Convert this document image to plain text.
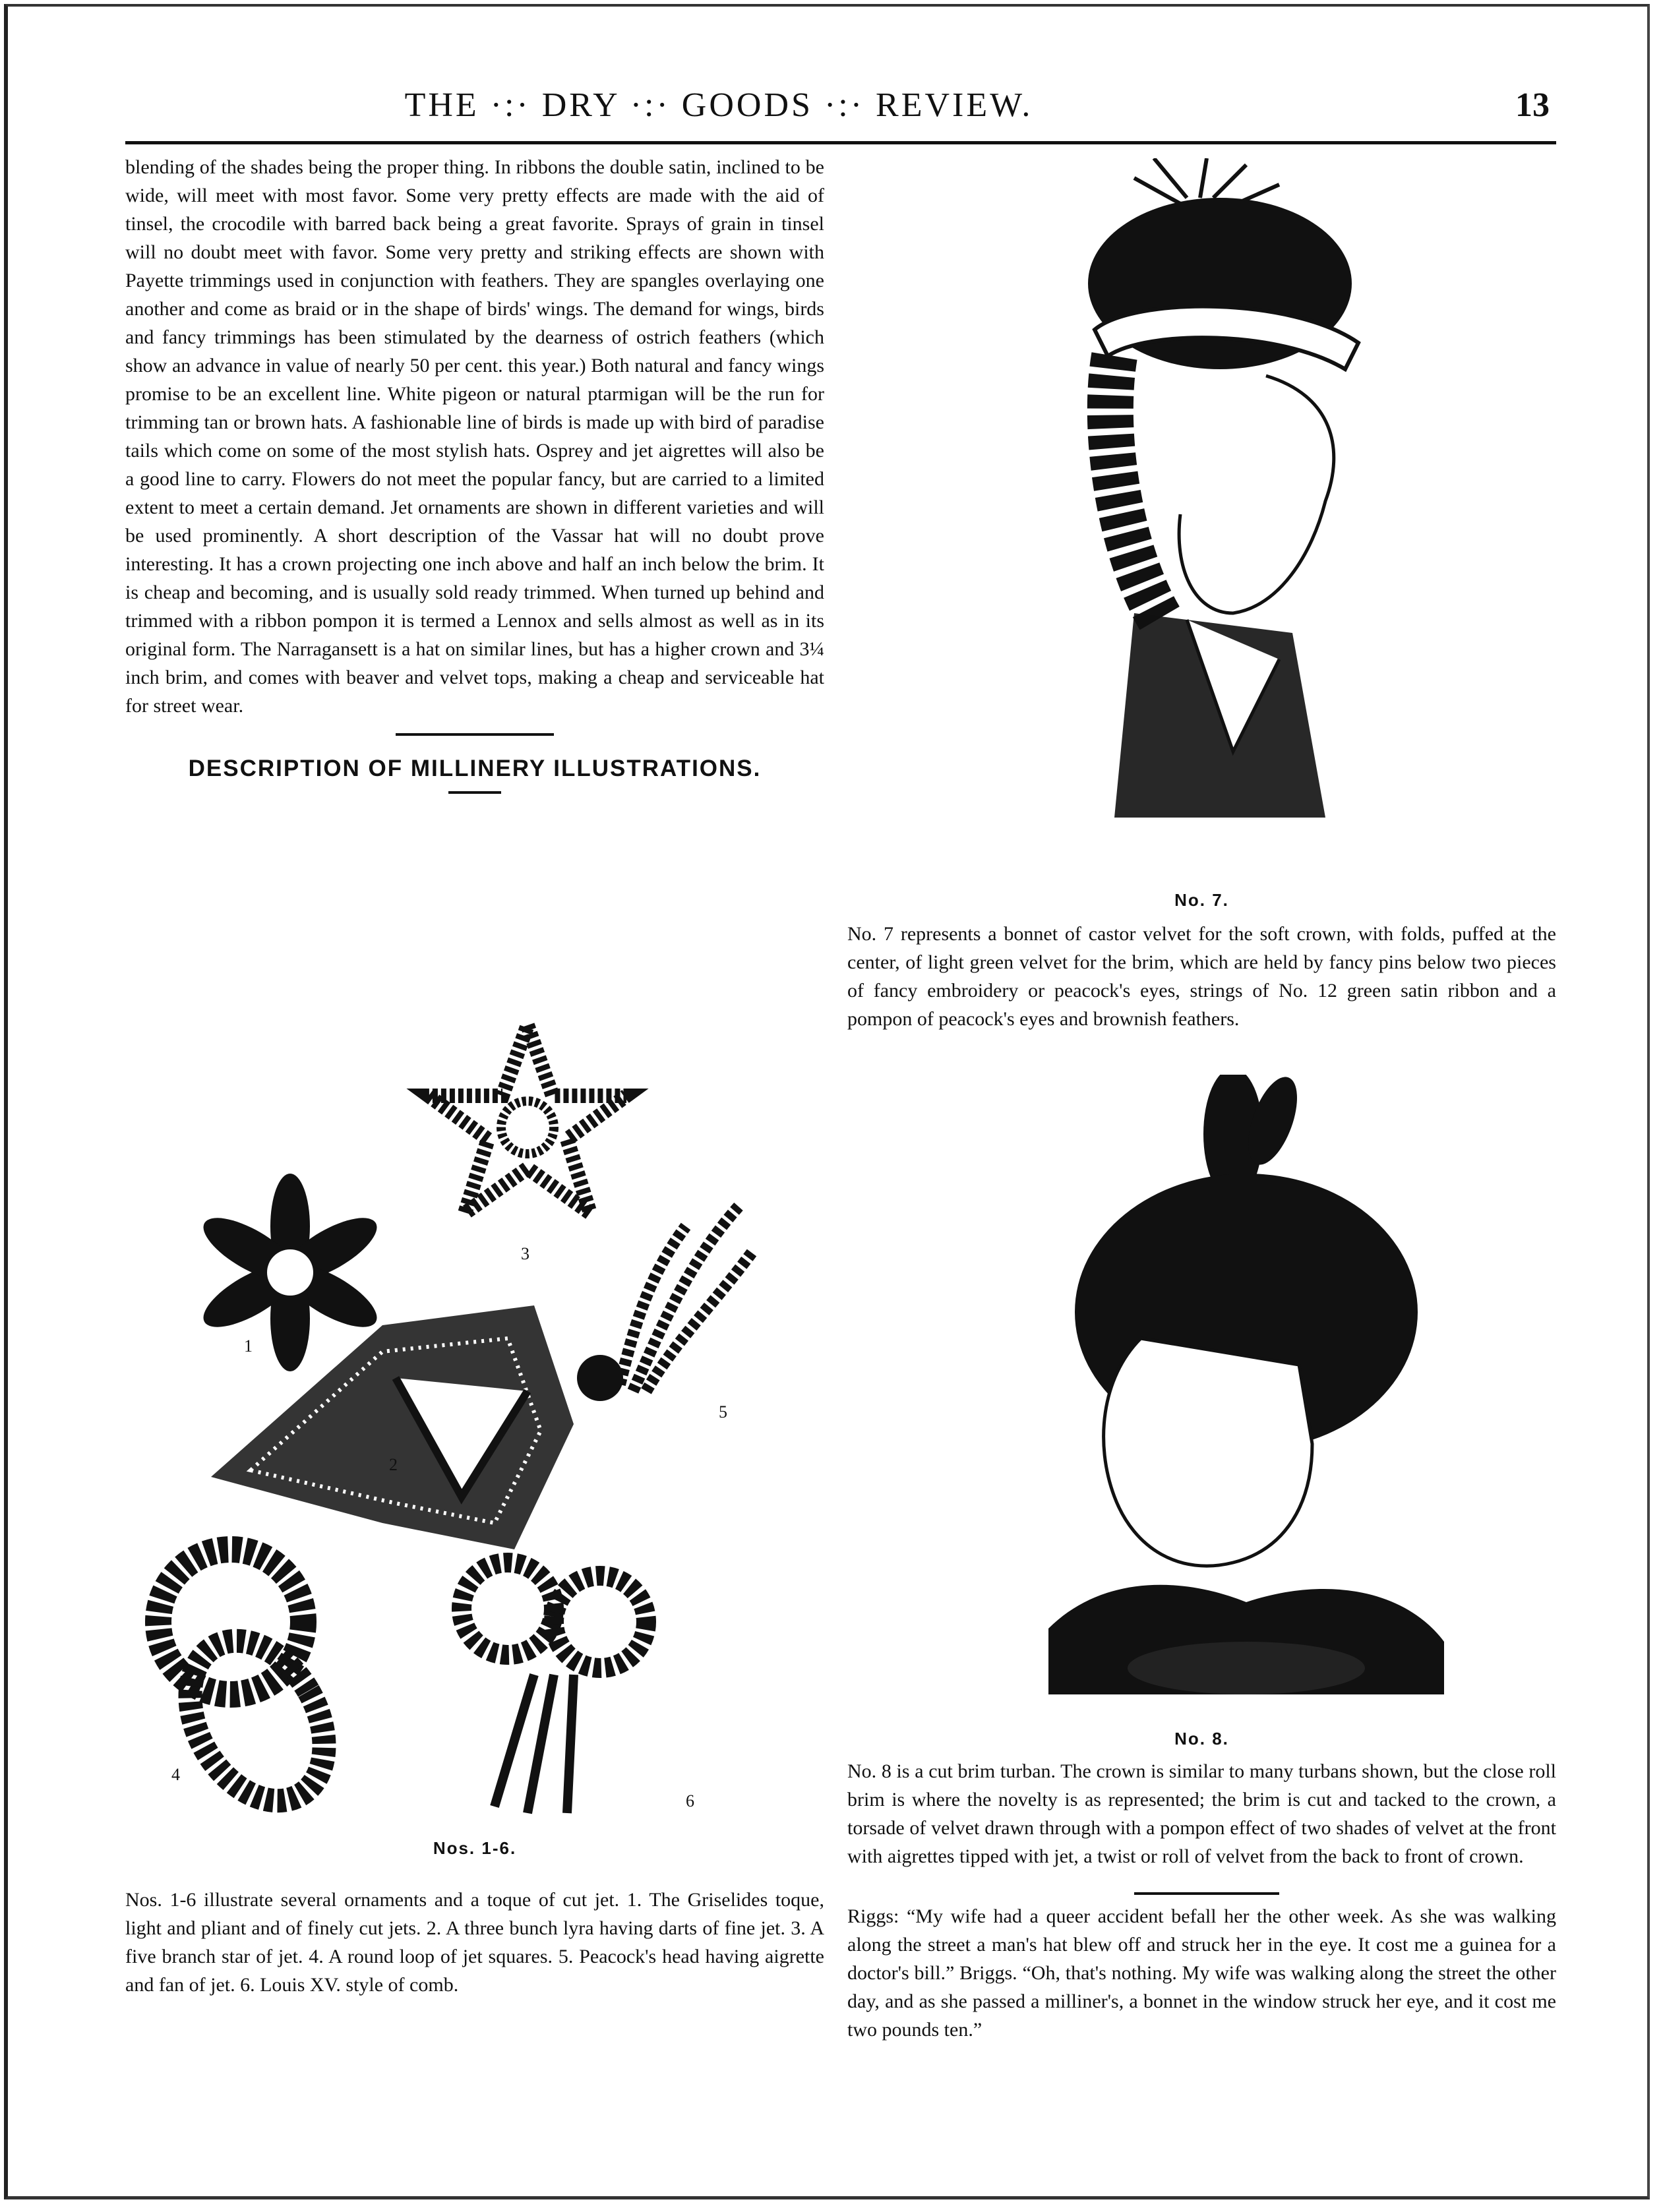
THE ·:· DRY ·:· GOODS ·:· REVIEW.	13

blending of the shades being the proper thing. In ribbons the double satin, inclined to be wide, will meet with most favor. Some very pretty effects are made with the aid of tinsel, the crocodile with barred back being a great favorite. Sprays of grain in tinsel will no doubt meet with favor. Some very pretty and striking effects are shown with Payette trimmings used in conjunction with feathers. They are spangles overlaying one another and come as braid or in the shape of birds' wings. The demand for wings, birds and fancy trimmings has been stimulated by the dearness of ostrich feathers (which show an advance in value of nearly 50 per cent. this year.) Both natural and fancy wings promise to be an excellent line. White pigeon or natural ptarmigan will be the run for trimming tan or brown hats. A fashionable line of birds is made up with bird of paradise tails which come on some of the most stylish hats. Osprey and jet aigrettes will also be a good line to carry. Flowers do not meet the popular fancy, but are carried to a limited extent to meet a certain demand. Jet ornaments are shown in different varieties and will be used prominently. A short description of the Vassar hat will no doubt prove interesting. It has a crown projecting one inch above and half an inch below the brim. It is cheap and becoming, and is usually sold ready trimmed. When turned up behind and trimmed with a ribbon pompon it is termed a Lennox and sells almost as well as in its original form. The Narragansett is a hat on similar lines, but has a higher crown and 3¼ inch brim, and comes with beaver and velvet tops, making a cheap and serviceable hat for street wear.

DESCRIPTION OF MILLINERY ILLUSTRATIONS.

3
1
2
5
4
6
Nos. 1-6.

Nos. 1-6 illustrate several ornaments and a toque of cut jet. 1. The Griselides toque, light and pliant and of finely cut jets. 2. A three bunch lyra having darts of fine jet. 3. A five branch star of jet. 4. A round loop of jet squares. 5. Peacock's head having aigrette and fan of jet. 6. Louis XV. style of comb.

No. 7.

No. 7 represents a bonnet of castor velvet for the soft crown, with folds, puffed at the center, of light green velvet for the brim, which are held by fancy pins below two pieces of fancy embroidery or peacock's eyes, strings of No. 12 green satin ribbon and a pompon of peacock's eyes and brownish feathers.

No. 8.

No. 8 is a cut brim turban. The crown is similar to many turbans shown, but the close roll brim is where the novelty is as represented; the brim is cut and tacked to the crown, a torsade of velvet drawn through with a pompon effect of two shades of velvet at the front with aigrettes tipped with jet, a twist or roll of velvet from the back to front of crown.

Riggs: “My wife had a queer accident befall her the other week. As she was walking along the street a man's hat blew off and struck her in the eye. It cost me a guinea for a doctor's bill.” Briggs. “Oh, that's nothing. My wife was walking along the street the other day, and as she passed a milliner's, a bonnet in the window struck her eye, and it cost me two pounds ten.”
